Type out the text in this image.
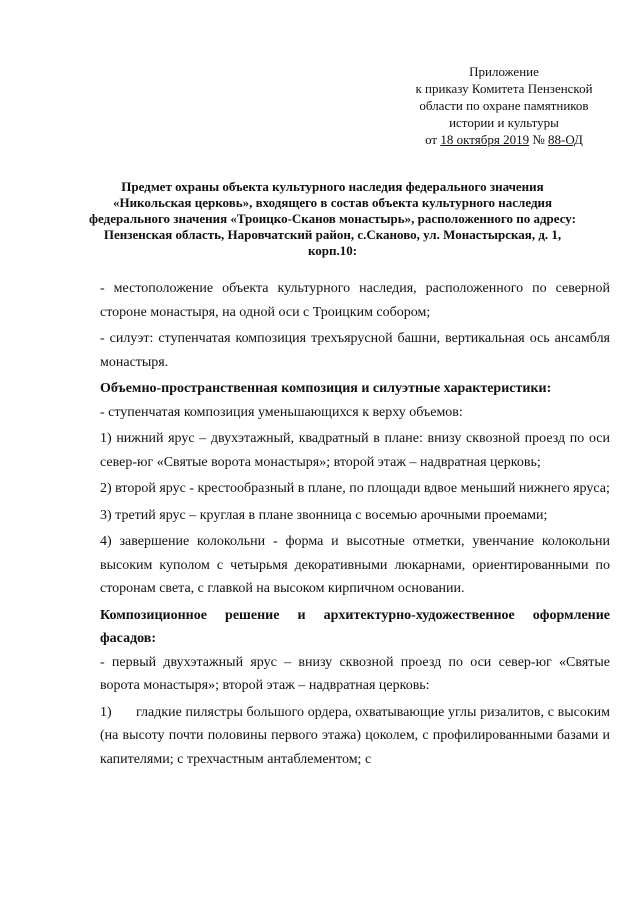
Приложение
к приказу Комитета Пензенской
области по охране памятников
истории и культуры
от 18 октября 2019 № 88-ОД
Предмет охраны объекта культурного наследия федерального значения
«Никольская церковь», входящего в состав объекта культурного наследия
федерального значения «Троицко-Сканов монастырь», расположенного по адресу:
Пензенская область, Наровчатский район, с.Сканово, ул. Монастырская, д. 1,
корп.10:

- местоположение объекта культурного наследия, расположенного по северной стороне монастыря, на одной оси с Троицким собором;

- силуэт: ступенчатая композиция трехъярусной башни, вертикальная ось ансамбля монастыря.

Объемно-пространственная композиция и силуэтные характеристики:

- ступенчатая композиция уменьшающихся к верху объемов:

1) нижний ярус – двухэтажный, квадратный в плане: внизу сквозной проезд по оси север-юг «Святые ворота монастыря»; второй этаж – надвратная церковь;

2) второй ярус - крестообразный в плане, по площади вдвое меньший нижнего яруса;

3) третий ярус – круглая в плане звонница с восемью арочными проемами;

4) завершение колокольни - форма и высотные отметки, увенчание колокольни высоким куполом с четырьмя декоративными люкарнами, ориентированными по сторонам света, с главкой на высоком кирпичном основании.

Композиционное решение и архитектурно-художественное оформление фасадов:

- первый двухэтажный ярус – внизу сквозной проезд по оси север-юг «Святые ворота монастыря»; второй этаж – надвратная церковь:

1) гладкие пилястры большого ордера, охватывающие углы ризалитов, с высоким (на высоту почти половины первого этажа) цоколем, с профилированными базами и капителями; с трехчастным антаблементом; с
